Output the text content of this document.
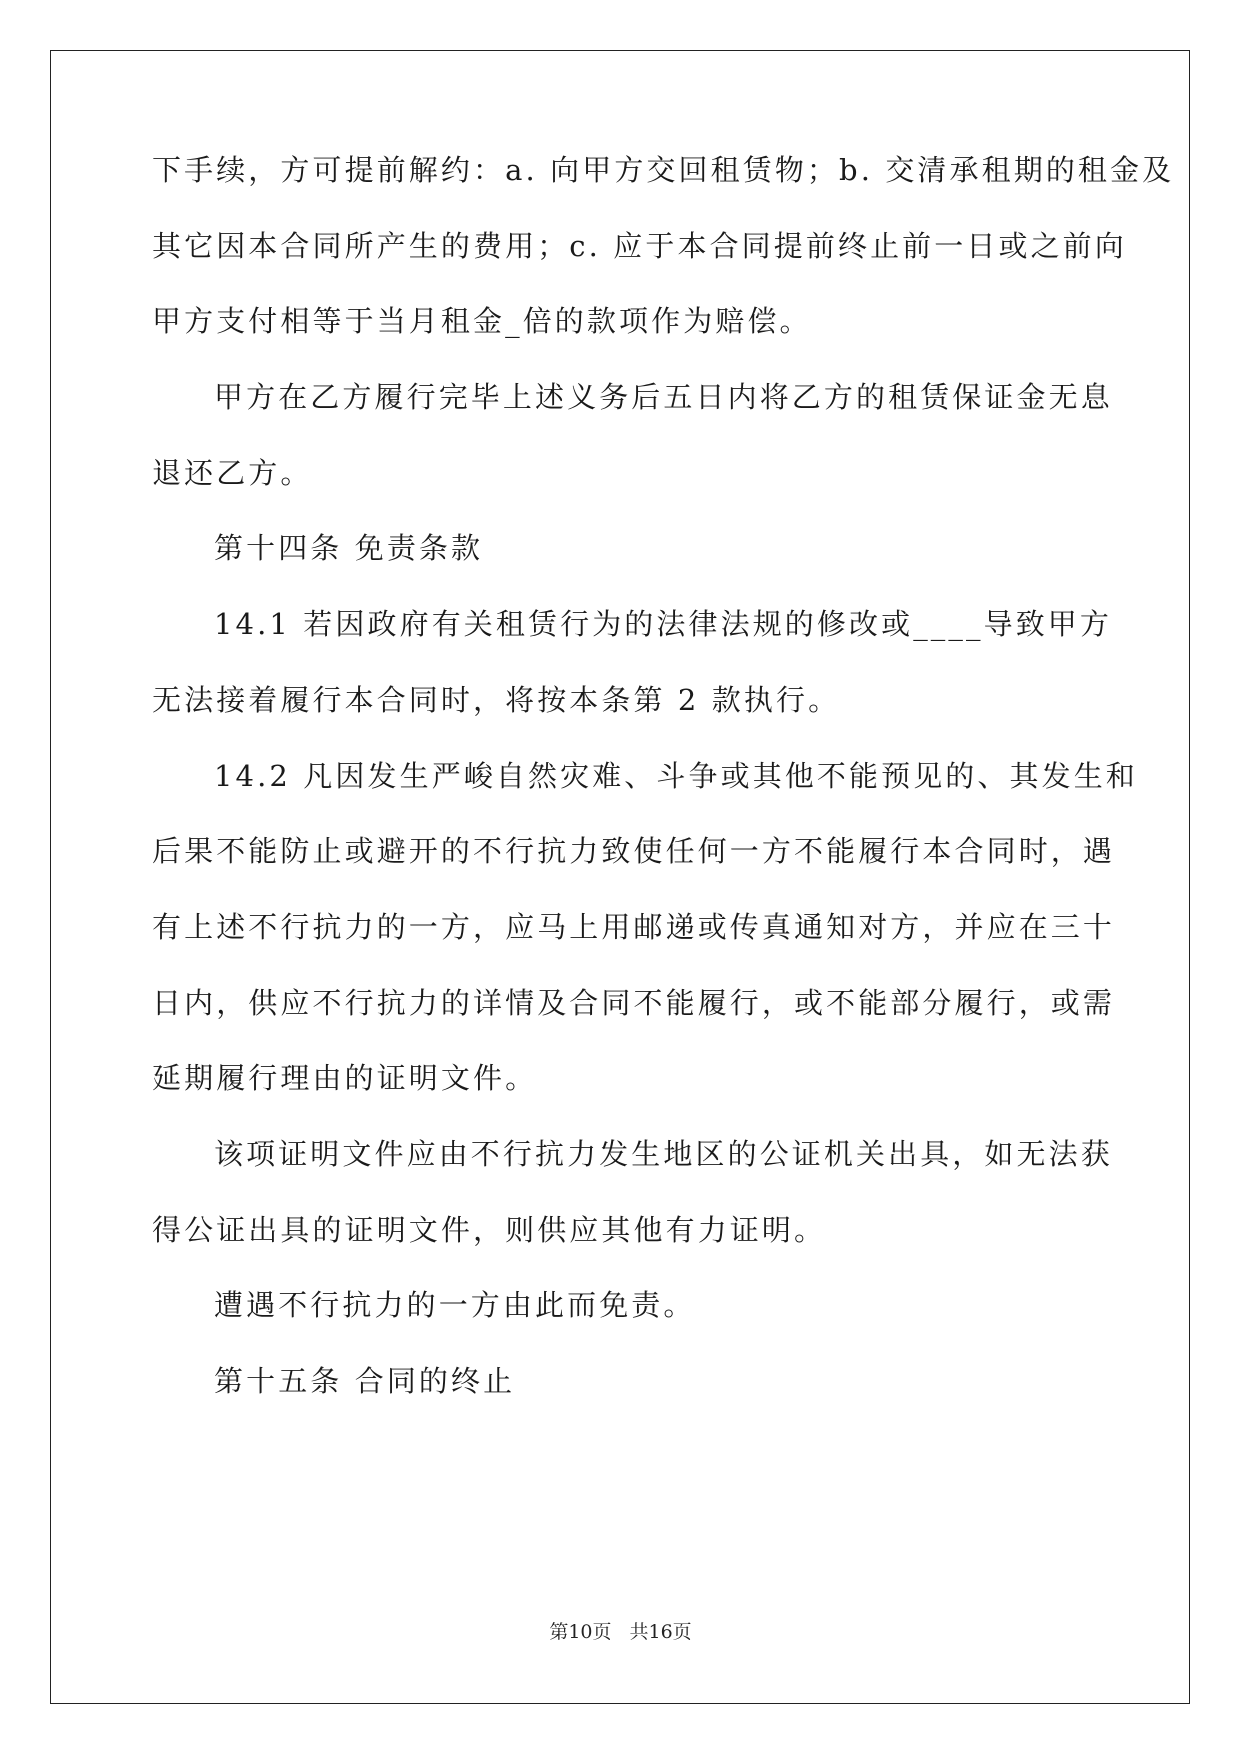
下手续，方可提前解约：a. 向甲方交回租赁物；b. 交清承租期的租金及
其它因本合同所产生的费用；c. 应于本合同提前终止前一日或之前向
甲方支付相等于当月租金_倍的款项作为赔偿。
甲方在乙方履行完毕上述义务后五日内将乙方的租赁保证金无息
退还乙方。
第十四条 免责条款
14.1 若因政府有关租赁行为的法律法规的修改或____导致甲方
无法接着履行本合同时，将按本条第 2 款执行。
14.2 凡因发生严峻自然灾难、斗争或其他不能预见的、其发生和
后果不能防止或避开的不行抗力致使任何一方不能履行本合同时，遇
有上述不行抗力的一方，应马上用邮递或传真通知对方，并应在三十
日内，供应不行抗力的详情及合同不能履行，或不能部分履行，或需
延期履行理由的证明文件。
该项证明文件应由不行抗力发生地区的公证机关出具，如无法获
得公证出具的证明文件，则供应其他有力证明。
遭遇不行抗力的一方由此而免责。
第十五条 合同的终止
第10页 共16页
